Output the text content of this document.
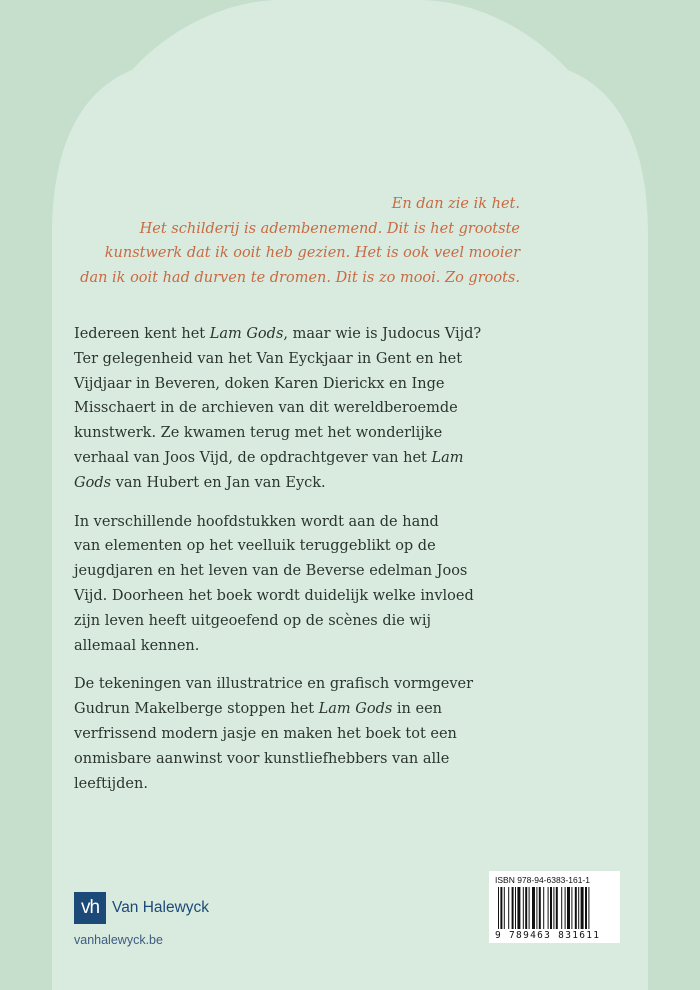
En dan zie ik het.
Het schilderij is adembenemend. Dit is het grootste
kunstwerk dat ik ooit heb gezien. Het is ook veel mooier
dan ik ooit had durven te dromen. Dit is zo mooi. Zo groots.
Iedereen kent het Lam Gods, maar wie is Judocus Vijd?
Ter gelegenheid van het Van Eyckjaar in Gent en het
Vijdjaar in Beveren, doken Karen Dierickx en Inge
Misschaert in de archieven van dit wereldberoemde
kunstwerk. Ze kwamen terug met het wonderlijke
verhaal van Joos Vijd, de opdrachtgever van het Lam
Gods van Hubert en Jan van Eyck.
In verschillende hoofdstukken wordt aan de hand
van elementen op het veelluik teruggeblikt op de
jeugdjaren en het leven van de Beverse edelman Joos
Vijd. Doorheen het boek wordt duidelijk welke invloed
zijn leven heeft uitgeoefend op de scènes die wij
allemaal kennen.
De tekeningen van illustratrice en grafisch vormgever
Gudrun Makelberge stoppen het Lam Gods in een
verfrissend modern jasje en maken het boek tot een
onmisbare aanwinst voor kunstliefhebbers van alle
leeftijden.
vh Van Halewyck
vanhalewyck.be
ISBN 978-94-6383-161-1
9 789463 831611
